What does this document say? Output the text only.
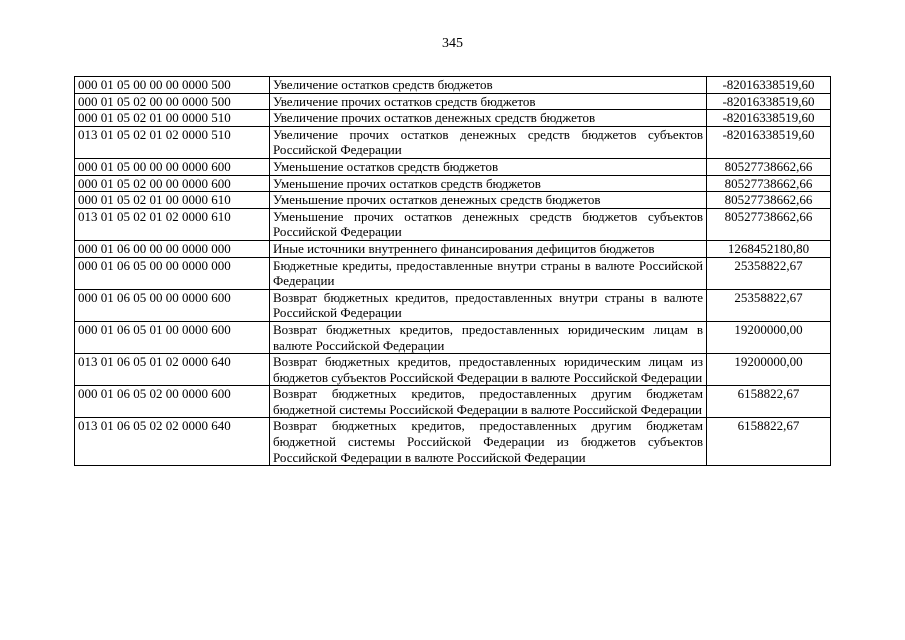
345
000 01 05 00 00 00 0000 500	Увеличение остатков средств бюджетов	-82016338519,60
000 01 05 02 00 00 0000 500	Увеличение прочих остатков средств бюджетов	-82016338519,60
000 01 05 02 01 00 0000 510	Увеличение прочих остатков денежных средств бюджетов	-82016338519,60
013 01 05 02 01 02 0000 510	Увеличение прочих остатков денежных средств бюджетов субъектов Российской Федерации	-82016338519,60
000 01 05 00 00 00 0000 600	Уменьшение остатков средств бюджетов	80527738662,66
000 01 05 02 00 00 0000 600	Уменьшение прочих остатков средств бюджетов	80527738662,66
000 01 05 02 01 00 0000 610	Уменьшение прочих остатков денежных средств бюджетов	80527738662,66
013 01 05 02 01 02 0000 610	Уменьшение прочих остатков денежных средств бюджетов субъектов Российской Федерации	80527738662,66
000 01 06 00 00 00 0000 000	Иные источники внутреннего финансирования дефицитов бюджетов	1268452180,80
000 01 06 05 00 00 0000 000	Бюджетные кредиты, предоставленные внутри страны в валюте Российской Федерации	25358822,67
000 01 06 05 00 00 0000 600	Возврат бюджетных кредитов, предоставленных внутри страны в валюте Российской Федерации	25358822,67
000 01 06 05 01 00 0000 600	Возврат бюджетных кредитов, предоставленных юридическим лицам в валюте Российской Федерации	19200000,00
013 01 06 05 01 02 0000 640	Возврат бюджетных кредитов, предоставленных юридическим лицам из бюджетов субъектов Российской Федерации в валюте Российской Федерации	19200000,00
000 01 06 05 02 00 0000 600	Возврат бюджетных кредитов, предоставленных другим бюджетам бюджетной системы Российской Федерации в валюте Российской Федерации	6158822,67
013 01 06 05 02 02 0000 640	Возврат бюджетных кредитов, предоставленных другим бюджетам бюджетной системы Российской Федерации из бюджетов субъектов Российской Федерации в валюте Российской Федерации	6158822,67
